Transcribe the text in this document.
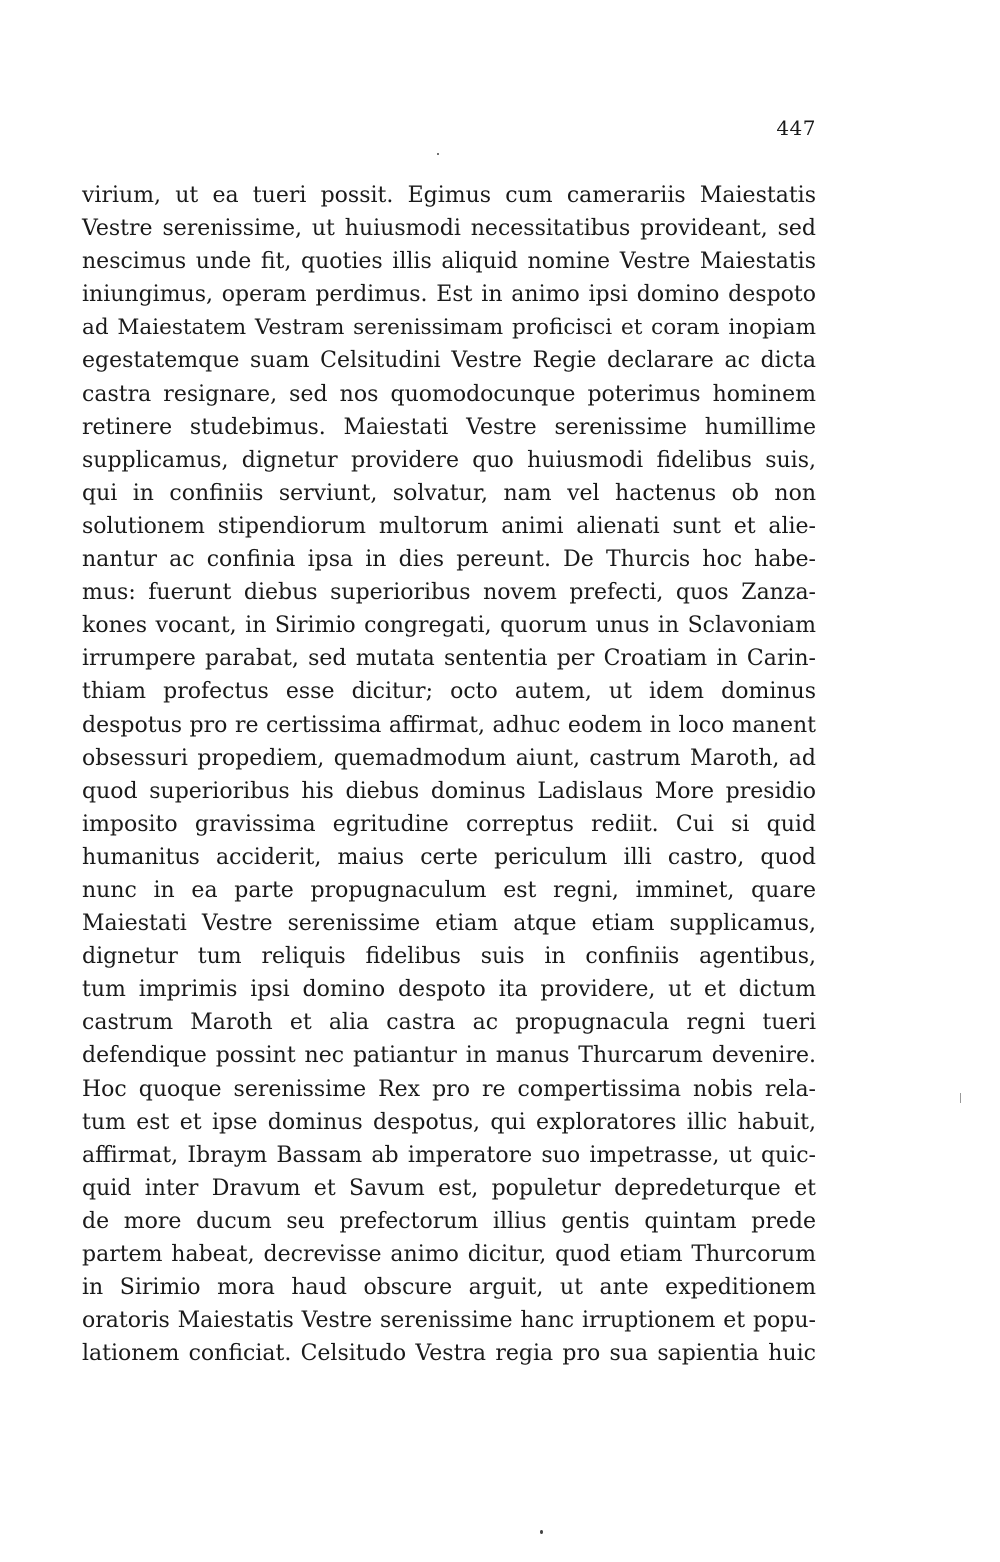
447
virium, ut ea tueri possit. Egimus cum camerariis Maiestatis
Vestre serenissime, ut huiusmodi necessitatibus provideant, sed
nescimus unde fit, quoties illis aliquid nomine Vestre Maiestatis
iniungimus, operam perdimus. Est in animo ipsi domino despoto
ad Maiestatem Vestram serenissimam proficisci et coram inopiam
egestatemque suam Celsitudini Vestre Regie declarare ac dicta
castra resignare, sed nos quomodocunque poterimus hominem
retinere studebimus. Maiestati Vestre serenissime humillime
supplicamus, dignetur providere quo huiusmodi fidelibus suis,
qui in confiniis serviunt, solvatur, nam vel hactenus ob non
solutionem stipendiorum multorum animi alienati sunt et alie-
nantur ac confinia ipsa in dies pereunt. De Thurcis hoc habe-
mus: fuerunt diebus superioribus novem prefecti, quos Zanza-
kones vocant, in Sirimio congregati, quorum unus in Sclavoniam
irrumpere parabat, sed mutata sententia per Croatiam in Carin-
thiam profectus esse dicitur; octo autem, ut idem dominus
despotus pro re certissima affirmat, adhuc eodem in loco manent
obsessuri propediem, quemadmodum aiunt, castrum Maroth, ad
quod superioribus his diebus dominus Ladislaus More presidio
imposito gravissima egritudine correptus rediit. Cui si quid
humanitus acciderit, maius certe periculum illi castro, quod
nunc in ea parte propugnaculum est regni, imminet, quare
Maiestati Vestre serenissime etiam atque etiam supplicamus,
dignetur tum reliquis fidelibus suis in confiniis agentibus,
tum imprimis ipsi domino despoto ita providere, ut et dictum
castrum Maroth et alia castra ac propugnacula regni tueri
defendique possint nec patiantur in manus Thurcarum devenire.
Hoc quoque serenissime Rex pro re compertissima nobis rela-
tum est et ipse dominus despotus, qui exploratores illic habuit,
affirmat, Ibraym Bassam ab imperatore suo impetrasse, ut quic-
quid inter Dravum et Savum est, populetur depredeturque et
de more ducum seu prefectorum illius gentis quintam prede
partem habeat, decrevisse animo dicitur, quod etiam Thurcorum
in Sirimio mora haud obscure arguit, ut ante expeditionem
oratoris Maiestatis Vestre serenissime hanc irruptionem et popu-
lationem conficiat. Celsitudo Vestra regia pro sua sapientia huic
